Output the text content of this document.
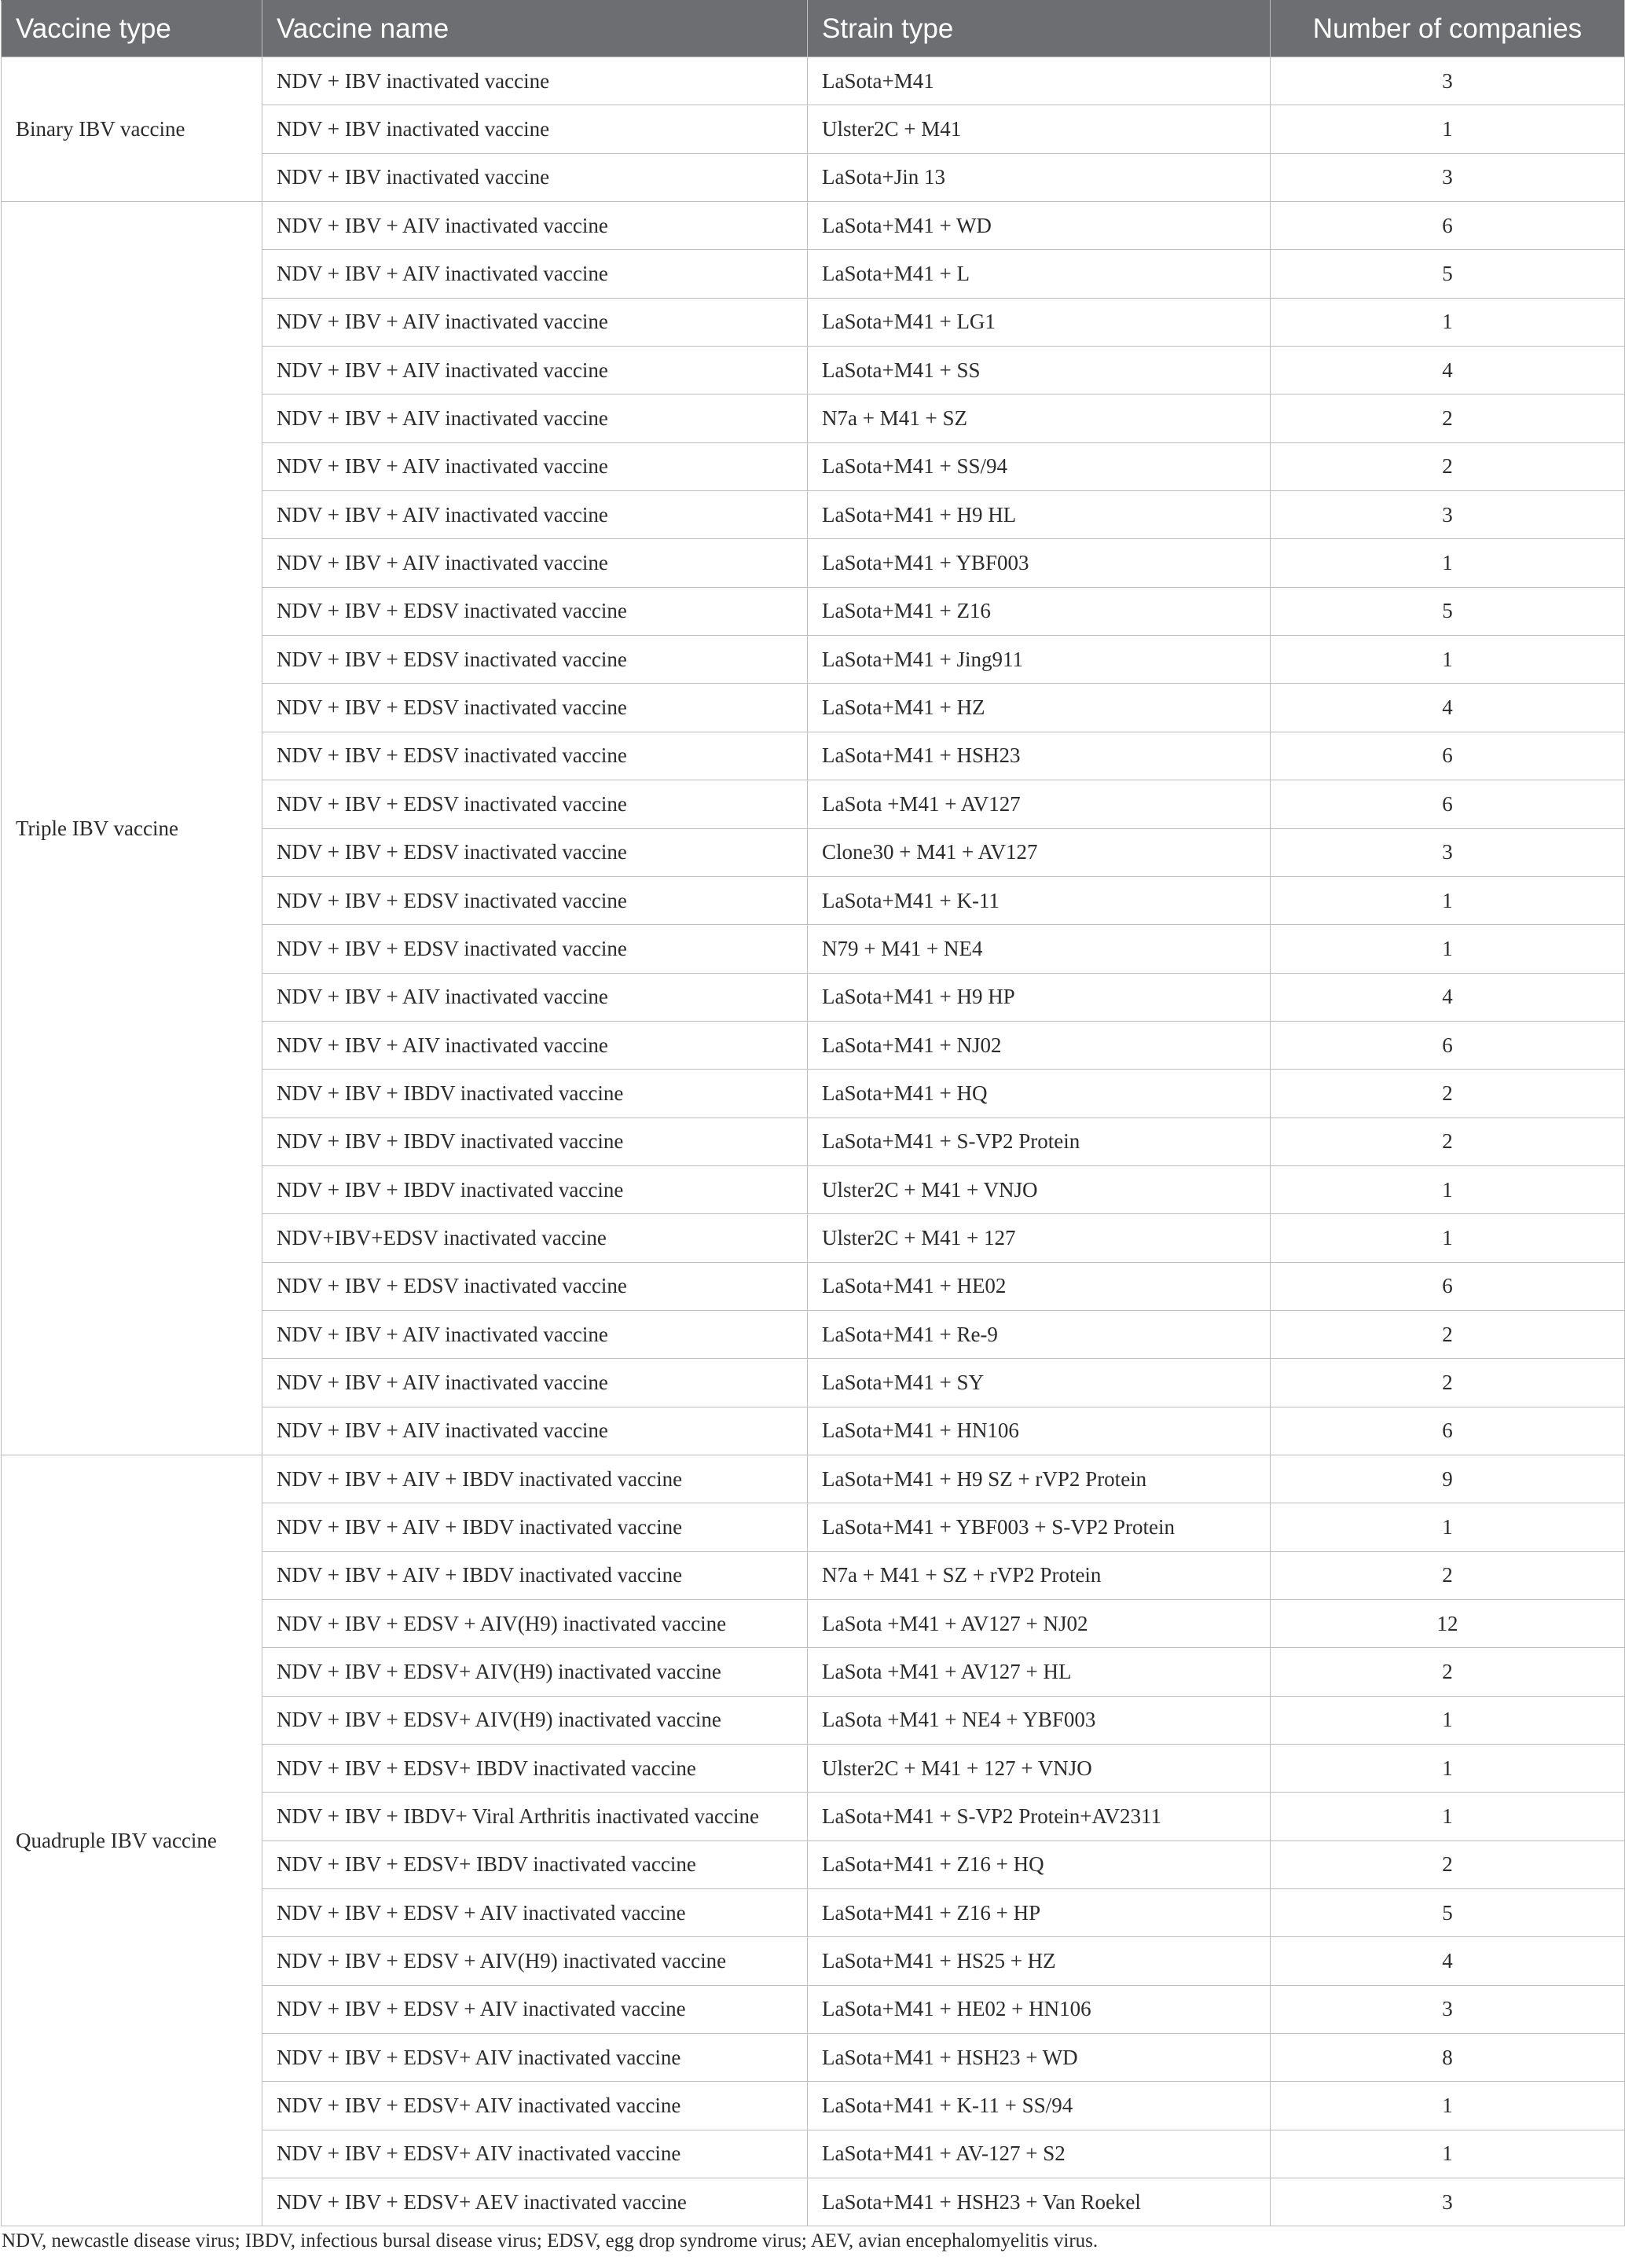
Vaccine type	Vaccine name	Strain type	Number of companies
Binary IBV vaccine	NDV + IBV inactivated vaccine	LaSota+M41	3
	NDV + IBV inactivated vaccine	Ulster2C + M41	1
	NDV + IBV inactivated vaccine	LaSota+Jin 13	3
Triple IBV vaccine	NDV + IBV + AIV inactivated vaccine	LaSota+M41 + WD	6
	NDV + IBV + AIV inactivated vaccine	LaSota+M41 + L	5
	NDV + IBV + AIV inactivated vaccine	LaSota+M41 + LG1	1
	NDV + IBV + AIV inactivated vaccine	LaSota+M41 + SS	4
	NDV + IBV + AIV inactivated vaccine	N7a + M41 + SZ	2
	NDV + IBV + AIV inactivated vaccine	LaSota+M41 + SS/94	2
	NDV + IBV + AIV inactivated vaccine	LaSota+M41 + H9 HL	3
	NDV + IBV + AIV inactivated vaccine	LaSota+M41 + YBF003	1
	NDV + IBV + EDSV inactivated vaccine	LaSota+M41 + Z16	5
	NDV + IBV + EDSV inactivated vaccine	LaSota+M41 + Jing911	1
	NDV + IBV + EDSV inactivated vaccine	LaSota+M41 + HZ	4
	NDV + IBV + EDSV inactivated vaccine	LaSota+M41 + HSH23	6
	NDV + IBV + EDSV inactivated vaccine	LaSota +M41 + AV127	6
	NDV + IBV + EDSV inactivated vaccine	Clone30 + M41 + AV127	3
	NDV + IBV + EDSV inactivated vaccine	LaSota+M41 + K-11	1
	NDV + IBV + EDSV inactivated vaccine	N79 + M41 + NE4	1
	NDV + IBV + AIV inactivated vaccine	LaSota+M41 + H9 HP	4
	NDV + IBV + AIV inactivated vaccine	LaSota+M41 + NJ02	6
	NDV + IBV + IBDV inactivated vaccine	LaSota+M41 + HQ	2
	NDV + IBV + IBDV inactivated vaccine	LaSota+M41 + S-VP2 Protein	2
	NDV + IBV + IBDV inactivated vaccine	Ulster2C + M41 + VNJO	1
	NDV+IBV+EDSV inactivated vaccine	Ulster2C + M41 + 127	1
	NDV + IBV + EDSV inactivated vaccine	LaSota+M41 + HE02	6
	NDV + IBV + AIV inactivated vaccine	LaSota+M41 + Re-9	2
	NDV + IBV + AIV inactivated vaccine	LaSota+M41 + SY	2
	NDV + IBV + AIV inactivated vaccine	LaSota+M41 + HN106	6
Quadruple IBV vaccine	NDV + IBV + AIV + IBDV inactivated vaccine	LaSota+M41 + H9 SZ + rVP2 Protein	9
	NDV + IBV + AIV + IBDV inactivated vaccine	LaSota+M41 + YBF003 + S-VP2 Protein	1
	NDV + IBV + AIV + IBDV inactivated vaccine	N7a + M41 + SZ + rVP2 Protein	2
	NDV + IBV + EDSV + AIV(H9) inactivated vaccine	LaSota +M41 + AV127 + NJ02	12
	NDV + IBV + EDSV+ AIV(H9) inactivated vaccine	LaSota +M41 + AV127 + HL	2
	NDV + IBV + EDSV+ AIV(H9) inactivated vaccine	LaSota +M41 + NE4 + YBF003	1
	NDV + IBV + EDSV+ IBDV inactivated vaccine	Ulster2C + M41 + 127 + VNJO	1
	NDV + IBV + IBDV+ Viral Arthritis inactivated vaccine	LaSota+M41 + S-VP2 Protein+AV2311	1
	NDV + IBV + EDSV+ IBDV inactivated vaccine	LaSota+M41 + Z16 + HQ	2
	NDV + IBV + EDSV + AIV inactivated vaccine	LaSota+M41 + Z16 + HP	5
	NDV + IBV + EDSV + AIV(H9) inactivated vaccine	LaSota+M41 + HS25 + HZ	4
	NDV + IBV + EDSV + AIV inactivated vaccine	LaSota+M41 + HE02 + HN106	3
	NDV + IBV + EDSV+ AIV inactivated vaccine	LaSota+M41 + HSH23 + WD	8
	NDV + IBV + EDSV+ AIV inactivated vaccine	LaSota+M41 + K-11 + SS/94	1
	NDV + IBV + EDSV+ AIV inactivated vaccine	LaSota+M41 + AV-127 + S2	1
	NDV + IBV + EDSV+ AEV inactivated vaccine	LaSota+M41 + HSH23 + Van Roekel	3
NDV, newcastle disease virus; IBDV, infectious bursal disease virus; EDSV, egg drop syndrome virus; AEV, avian encephalomyelitis virus.
